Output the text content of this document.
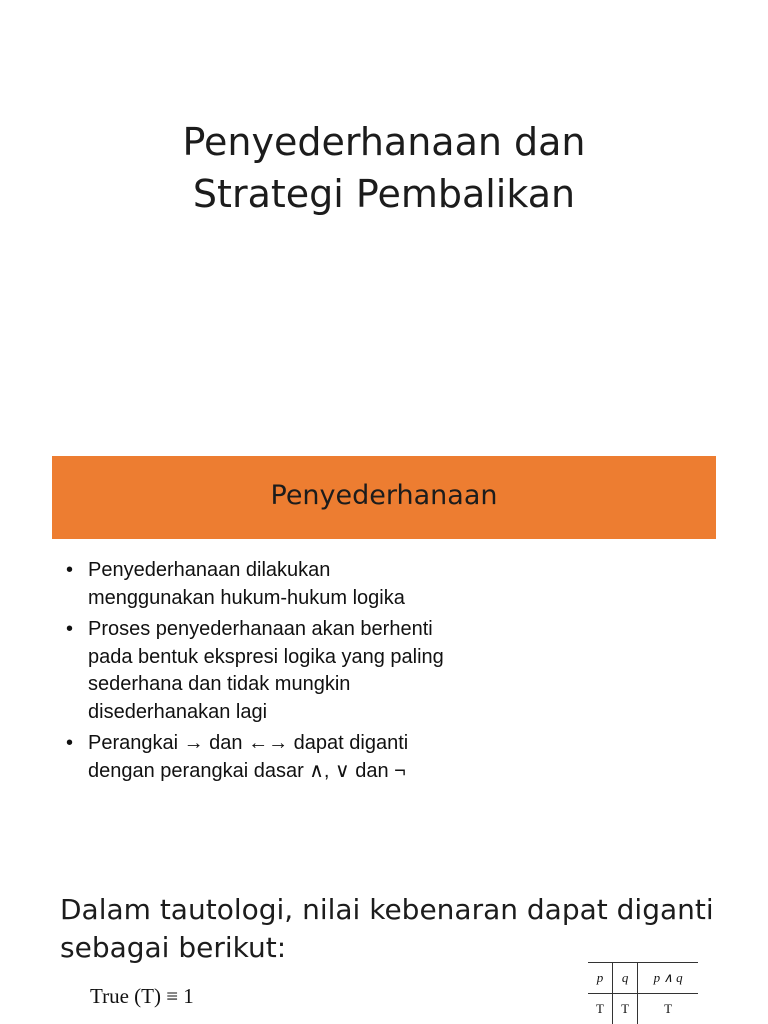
Penyederhanaan dan
Strategi Pembalikan
Penyederhanaan
• Penyederhanaan dilakukan
menggunakan hukum-hukum logika
• Proses penyederhanaan akan berhenti
pada bentuk ekspresi logika yang paling
sederhana dan tidak mungkin
disederhanakan lagi
• Perangkai → dan ←→ dapat diganti
dengan perangkai dasar ∧, ∨ dan ¬
Dalam tautologi, nilai kebenaran dapat diganti
sebagai berikut:
True (T) ≡ 1
p	q	p ∧ q
T	T	T
